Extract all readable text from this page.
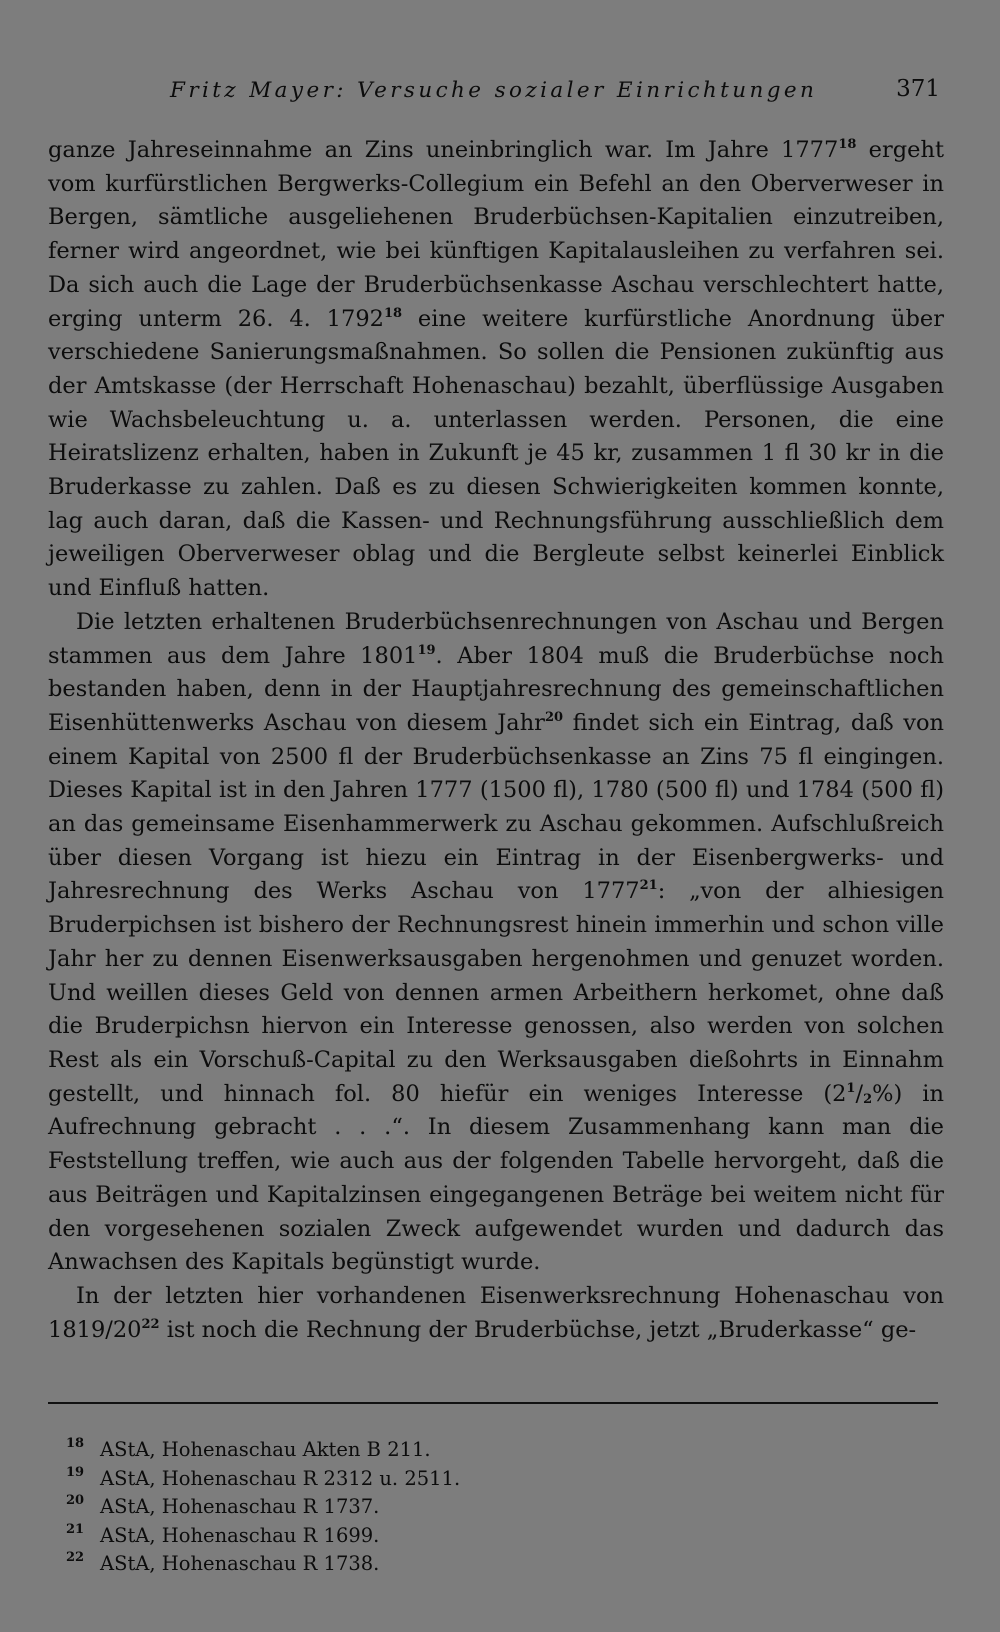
Fritz Mayer: Versuche sozialer Einrichtungen	371

ganze Jahreseinnahme an Zins uneinbringlich war. Im Jahre 1777$^{18}$ ergeht vom kurfürstlichen Bergwerks-Collegium ein Befehl an den Oberverweser in Bergen, sämtliche ausgeliehenen Bruderbüchsen-Kapitalien einzutreiben, ferner wird angeordnet, wie bei künftigen Kapitalausleihen zu verfahren sei. Da sich auch die Lage der Bruderbüchsenkasse Aschau verschlechtert hatte, erging unterm 26. 4. 1792$^{18}$ eine weitere kurfürstliche Anordnung über verschiedene Sanierungsmaßnahmen. So sollen die Pensionen zukünftig aus der Amtskasse (der Herrschaft Hohenaschau) bezahlt, überflüssige Ausgaben wie Wachsbeleuchtung u. a. unterlassen werden. Personen, die eine Heiratslizenz erhalten, haben in Zukunft je 45 kr, zusammen 1 fl 30 kr in die Bruderkasse zu zahlen. Daß es zu diesen Schwierigkeiten kommen konnte, lag auch daran, daß die Kassen- und Rechnungsführung ausschließlich dem jeweiligen Oberverweser oblag und die Bergleute selbst keinerlei Einblick und Einfluß hatten.

Die letzten erhaltenen Bruderbüchsenrechnungen von Aschau und Bergen stammen aus dem Jahre 1801$^{19}$. Aber 1804 muß die Bruderbüchse noch bestanden haben, denn in der Hauptjahresrechnung des gemeinschaftlichen Eisenhüttenwerks Aschau von diesem Jahr$^{20}$ findet sich ein Eintrag, daß von einem Kapital von 2500 fl der Bruderbüchsenkasse an Zins 75 fl eingingen. Dieses Kapital ist in den Jahren 1777 (1500 fl), 1780 (500 fl) und 1784 (500 fl) an das gemeinsame Eisenhammerwerk zu Aschau gekommen. Aufschlußreich über diesen Vorgang ist hiezu ein Eintrag in der Eisenbergwerks- und Jahresrechnung des Werks Aschau von 1777$^{21}$: „von der alhiesigen Bruderpichsen ist bishero der Rechnungsrest hinein immerhin und schon ville Jahr her zu dennen Eisenwerksausgaben hergenohmen und genuzet worden. Und weillen dieses Geld von dennen armen Arbeithern herkomet, ohne daß die Bruderpichsn hiervon ein Interesse genossen, also werden von solchen Rest als ein Vorschuß-Capital zu den Werksausgaben dießohrts in Einnahm gestellt, und hinnach fol. 80 hiefür ein weniges Interesse $(2^1/_2\%)$ in Aufrechnung gebracht . . .“. In diesem Zusammenhang kann man die Feststellung treffen, wie auch aus der folgenden Tabelle hervorgeht, daß die aus Beiträgen und Kapitalzinsen eingegangenen Beträge bei weitem nicht für den vorgesehenen sozialen Zweck aufgewendet wurden und dadurch das Anwachsen des Kapitals begünstigt wurde.

In der letzten hier vorhandenen Eisenwerksrechnung Hohenaschau von $1819/20^{22}$ ist noch die Rechnung der Bruderbüchse, jetzt „Bruderkasse“ ge-

18 AStA, Hohenaschau Akten B 211.
19 AStA, Hohenaschau R 2312 u. 2511.
20 AStA, Hohenaschau R 1737.
21 AStA, Hohenaschau R 1699.
22 AStA, Hohenaschau R 1738.
